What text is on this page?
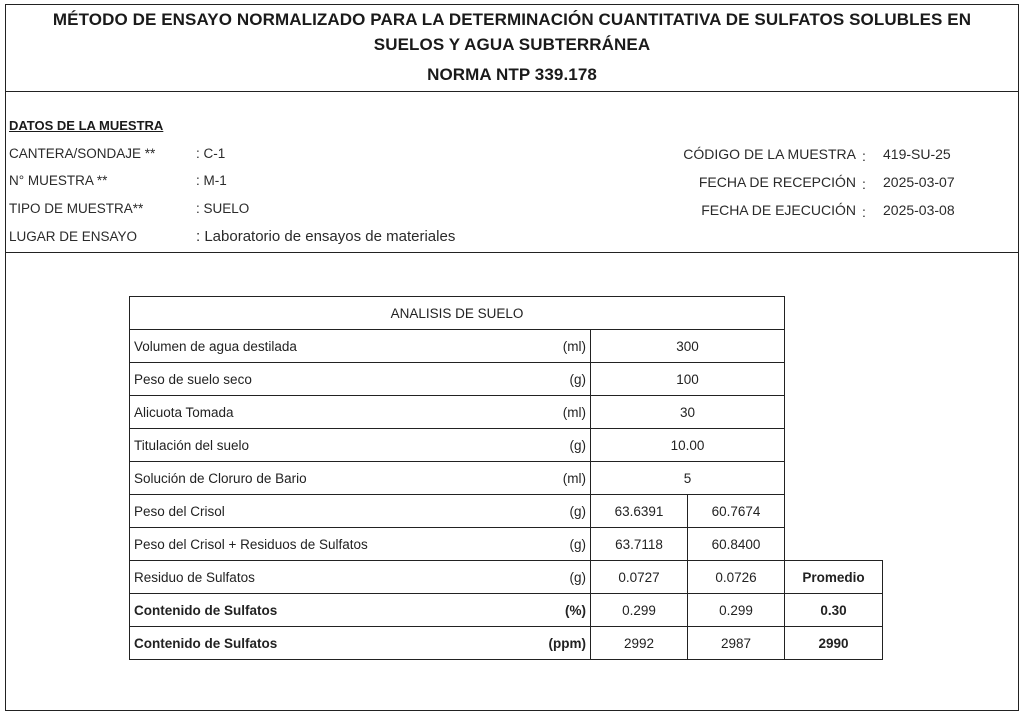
MÉTODO DE ENSAYO NORMALIZADO PARA LA DETERMINACIÓN CUANTITATIVA DE SULFATOS SOLUBLES EN
SUELOS Y AGUA SUBTERRÁNEA
NORMA NTP 339.178
DATOS DE LA MUESTRA
CANTERA/SONDAJE **	: C-1
N° MUESTRA **	: M-1
TIPO DE MUESTRA**	: SUELO
LUGAR DE ENSAYO	: Laboratorio de ensayos de materiales
CÓDIGO DE LA MUESTRA : 419-SU-25
FECHA DE RECEPCIÓN : 2025-03-07
FECHA DE EJECUCIÓN : 2025-03-08
ANALISIS DE SUELO				
Volumen de agua destilada	(ml)	300		
Peso de suelo seco	(g)	100		
Alicuota Tomada	(ml)	30		
Titulación del suelo	(g)	10.00		
Solución de Cloruro de Bario	(ml)	5		
Peso del Crisol	(g)	63.6391	60.7674	
Peso del Crisol + Residuos de Sulfatos	(g)	63.7118	60.8400	
Residuo de Sulfatos	(g)	0.0727	0.0726	Promedio
Contenido de Sulfatos	(%)	0.299	0.299	0.30
Contenido de Sulfatos	(ppm)	2992	2987	2990
